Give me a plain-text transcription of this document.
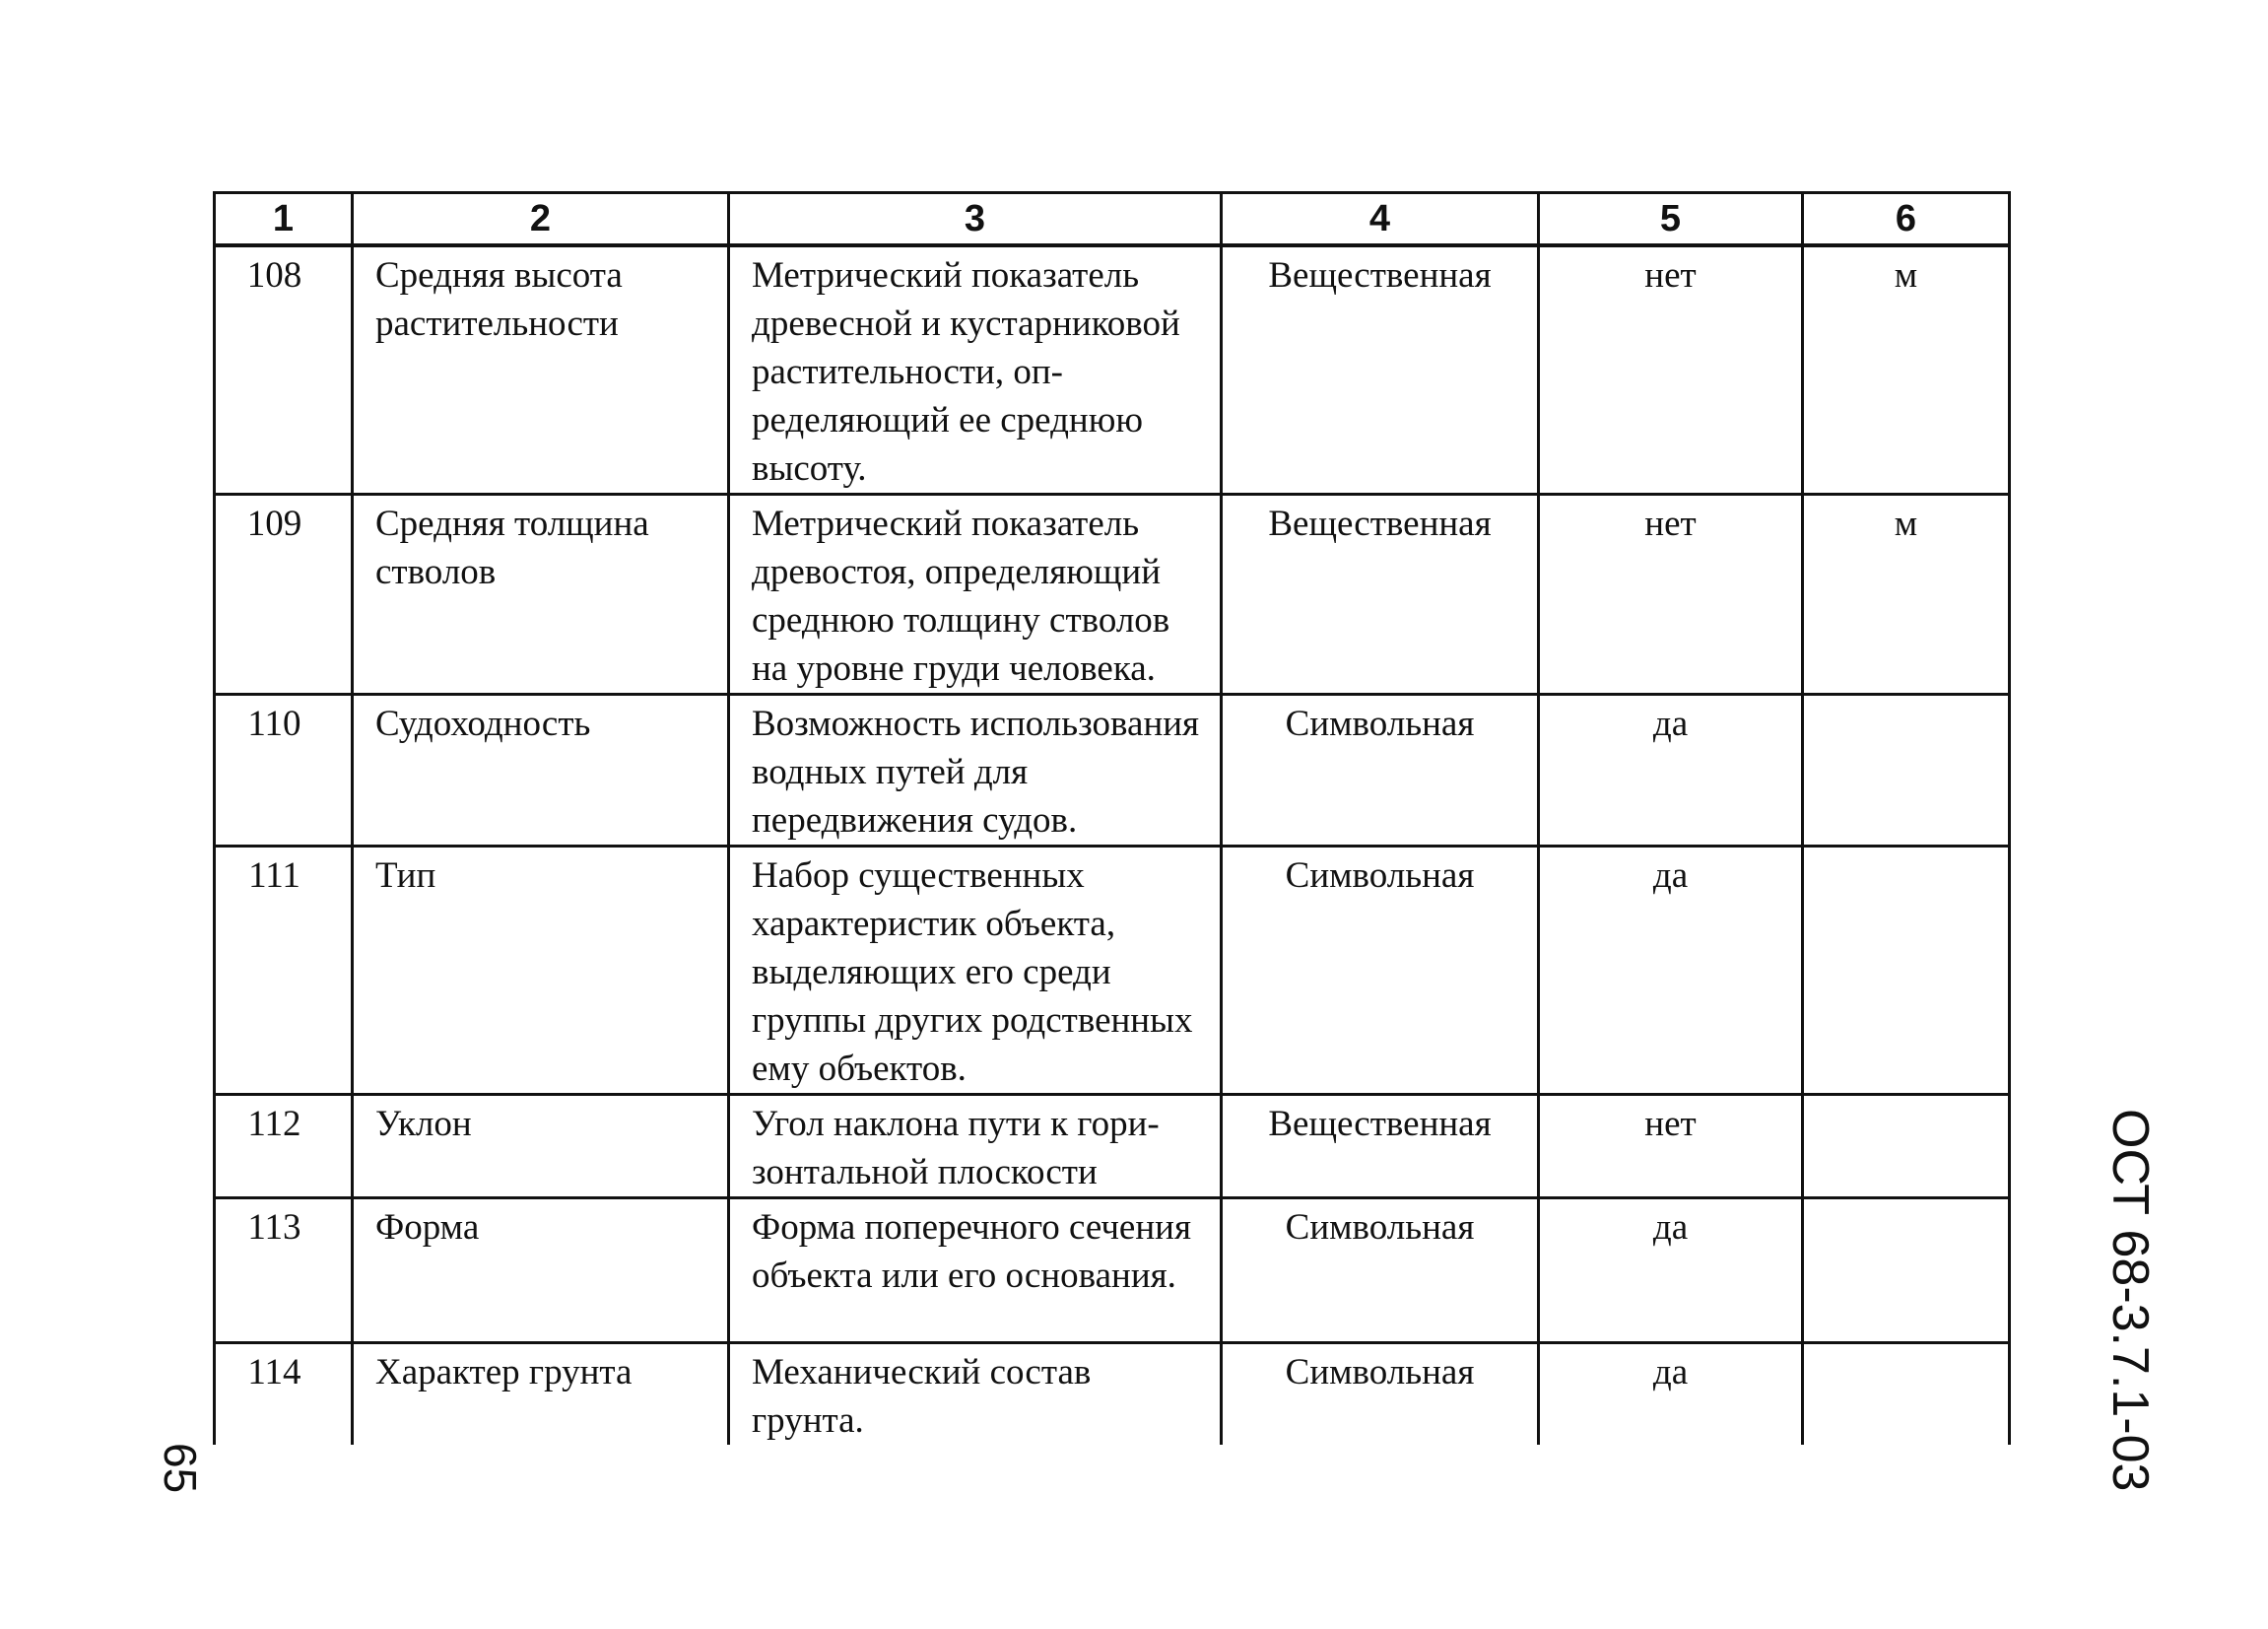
1	2	3	4	5	6

108	Средняя высота растительности	Метрический показатель древесной и кустарниковой растительности, определяющий ее среднюю высоту.	Вещественная	нет	м

109	Средняя толщина стволов	Метрический показатель древостоя, определяющий среднюю толщину стволов на уровне груди человека.	Вещественная	нет	м

110	Судоходность	Возможность использования водных путей для передвижения судов.	Символьная	да	

111	Тип	Набор существенных характеристик объекта, выделяющих его среди группы других родственных ему объектов.	Символьная	да	

112	Уклон	Угол наклона пути к горизонтальной плоскости	Вещественная	нет	

113	Форма	Форма поперечного сечения объекта или его основания.	Символьная	да	

114	Характер грунта	Механический состав грунта.	Символьная	да	
		ОСТ 68-3.7.1-03
65
